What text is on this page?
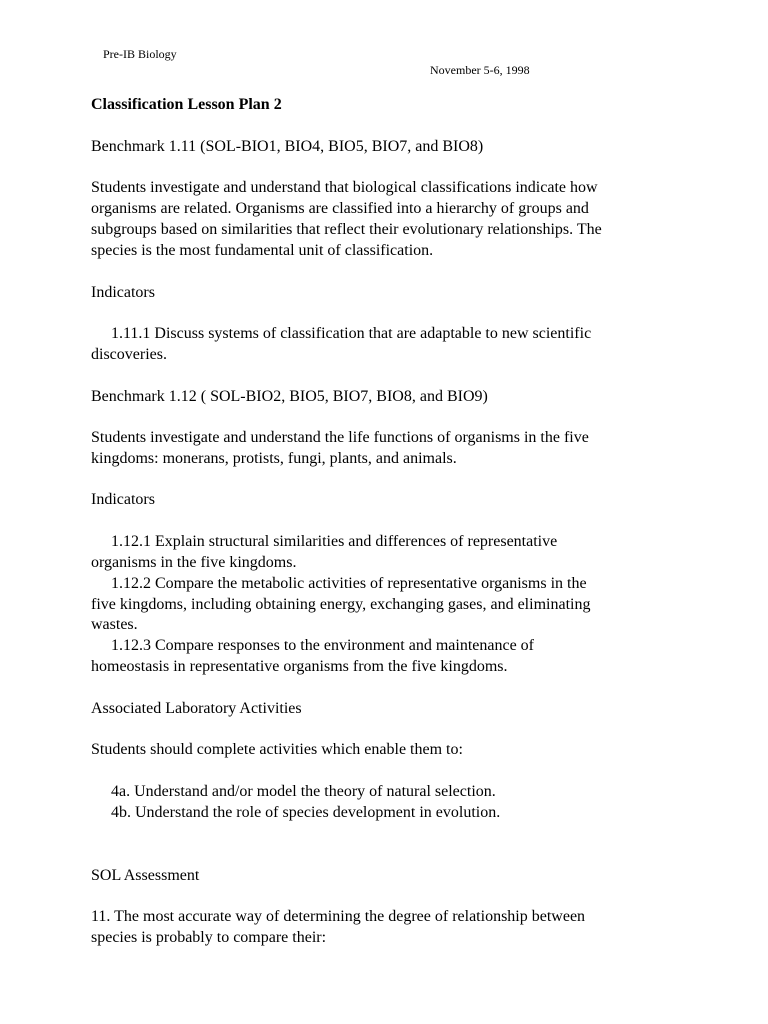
Pre-IB Biology
November 5-6, 1998
Classification Lesson Plan 2
Benchmark 1.11 (SOL-BIO1, BIO4, BIO5, BIO7, and BIO8)
Students investigate and understand that biological classifications indicate how
organisms are related. Organisms are classified into a hierarchy of groups and
subgroups based on similarities that reflect their evolutionary relationships. The
species is the most fundamental unit of classification.
Indicators
1.11.1 Discuss systems of classification that are adaptable to new scientific
discoveries.
Benchmark 1.12 ( SOL-BIO2, BIO5, BIO7, BIO8, and BIO9)
Students investigate and understand the life functions of organisms in the five
kingdoms: monerans, protists, fungi, plants, and animals.
Indicators
1.12.1 Explain structural similarities and differences of representative
organisms in the five kingdoms.
1.12.2 Compare the metabolic activities of representative organisms in the
five kingdoms, including obtaining energy, exchanging gases, and eliminating
wastes.
1.12.3 Compare responses to the environment and maintenance of
homeostasis in representative organisms from the five kingdoms.
Associated Laboratory Activities
Students should complete activities which enable them to:
4a. Understand and/or model the theory of natural selection.
4b. Understand the role of species development in evolution.
SOL Assessment
11. The most accurate way of determining the degree of relationship between
species is probably to compare their:
